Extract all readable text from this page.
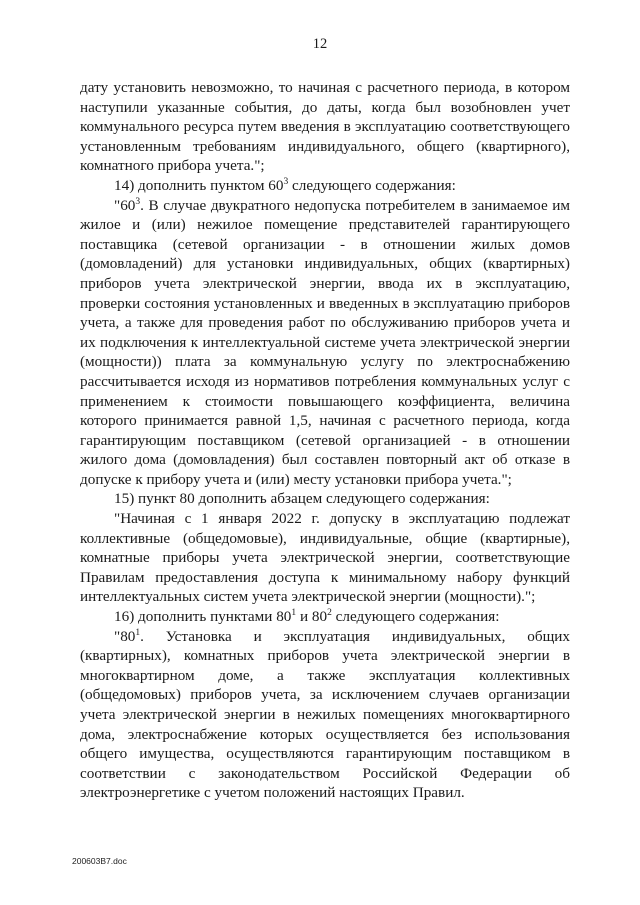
12

дату установить невозможно, то начиная с расчетного периода, в котором наступили указанные события, до даты, когда был возобновлен учет коммунального ресурса путем введения в эксплуатацию соответствующего установленным требованиям индивидуального, общего (квартирного), комнатного прибора учета.";

14) дополнить пунктом $60^3$ следующего содержания:

"$60^3$. В случае двукратного недопуска потребителем в занимаемое им жилое и (или) нежилое помещение представителей гарантирующего поставщика (сетевой организации - в отношении жилых домов (домовладений) для установки индивидуальных, общих (квартирных) приборов учета электрической энергии, ввода их в эксплуатацию, проверки состояния установленных и введенных в эксплуатацию приборов учета, а также для проведения работ по обслуживанию приборов учета и их подключения к интеллектуальной системе учета электрической энергии (мощности)) плата за коммунальную услугу по электроснабжению рассчитывается исходя из нормативов потребления коммунальных услуг с применением к стоимости повышающего коэффициента, величина которого принимается равной 1,5, начиная с расчетного периода, когда гарантирующим поставщиком (сетевой организацией - в отношении жилого дома (домовладения) был составлен повторный акт об отказе в допуске к прибору учета и (или) месту установки прибора учета.";

15) пункт 80 дополнить абзацем следующего содержания:

"Начиная с 1 января 2022 г. допуску в эксплуатацию подлежат коллективные (общедомовые), индивидуальные, общие (квартирные), комнатные приборы учета электрической энергии, соответствующие Правилам предоставления доступа к минимальному набору функций интеллектуальных систем учета электрической энергии (мощности).";

16) дополнить пунктами $80^1$ и $80^2$ следующего содержания:

"$80^1$. Установка и эксплуатация индивидуальных, общих (квартирных), комнатных приборов учета электрической энергии в многоквартирном доме, а также эксплуатация коллективных (общедомовых) приборов учета, за исключением случаев организации учета электрической энергии в нежилых помещениях многоквартирного дома, электроснабжение которых осуществляется без использования общего имущества, осуществляются гарантирующим поставщиком в соответствии с законодательством Российской Федерации об электроэнергетике с учетом положений настоящих Правил.

200603B7.doc
